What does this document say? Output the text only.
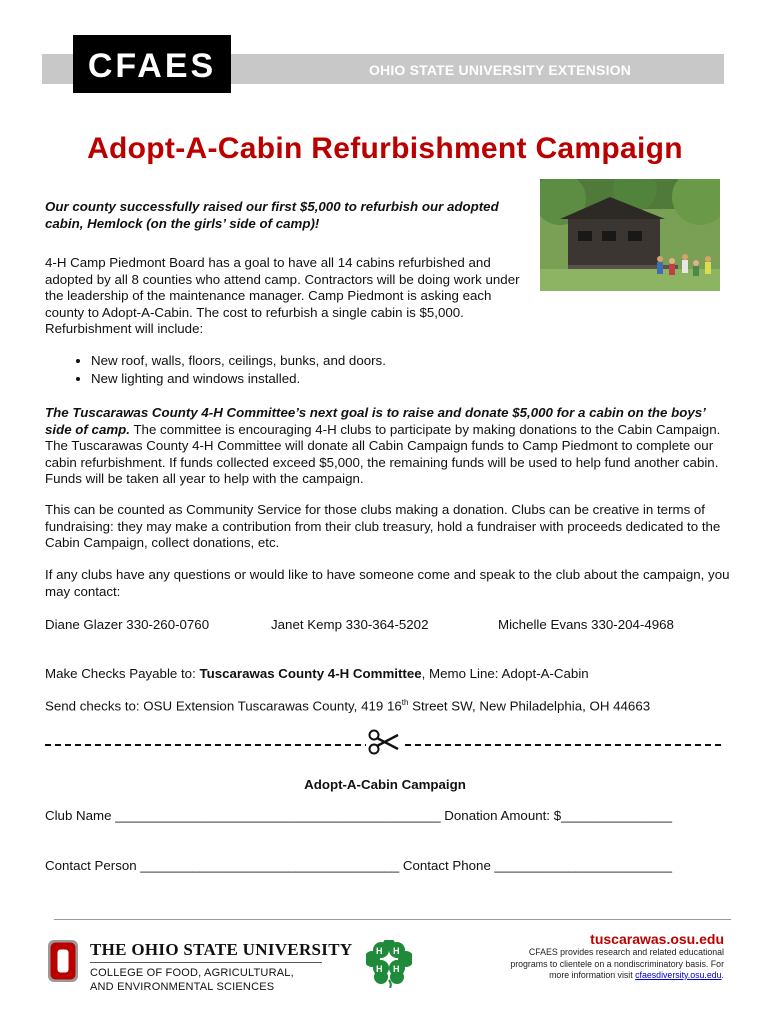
OHIO STATE UNIVERSITY EXTENSION
CFAES
Adopt-A-Cabin Refurbishment Campaign
Our county successfully raised our first $5,000 to refurbish our adopted cabin, Hemlock (on the girls’ side of camp)!
4-H Camp Piedmont Board has a goal to have all 14 cabins refurbished and adopted by all 8 counties who attend camp. Contractors will be doing work under the leadership of the maintenance manager. Camp Piedmont is asking each county to Adopt-A-Cabin. The cost to refurbish a single cabin is $5,000. Refurbishment will include:
• New roof, walls, floors, ceilings, bunks, and doors.
• New lighting and windows installed.
The Tuscarawas County 4-H Committee’s next goal is to raise and donate $5,000 for a cabin on the boys’ side of camp. The committee is encouraging 4-H clubs to participate by making donations to the Cabin Campaign. The Tuscarawas County 4-H Committee will donate all Cabin Campaign funds to Camp Piedmont to complete our cabin refurbishment. If funds collected exceed $5,000, the remaining funds will be used to help fund another cabin. Funds will be taken all year to help with the campaign.
This can be counted as Community Service for those clubs making a donation. Clubs can be creative in terms of fundraising: they may make a contribution from their club treasury, hold a fundraiser with proceeds dedicated to the Cabin Campaign, collect donations, etc.
If any clubs have any questions or would like to have someone come and speak to the club about the campaign, you may contact:
Diane Glazer 330-260-0760	Janet Kemp 330-364-5202	Michelle Evans 330-204-4968
Make Checks Payable to: Tuscarawas County 4-H Committee, Memo Line: Adopt-A-Cabin
Send checks to: OSU Extension Tuscarawas County, 419 16th Street SW, New Philadelphia, OH 44663
Adopt-A-Cabin Campaign
Club Name ____________________________________________ Donation Amount: $_______________
Contact Person ___________________________________ Contact Phone ________________________
THE OHIO STATE UNIVERSITY
COLLEGE OF FOOD, AGRICULTURAL,
AND ENVIRONMENTAL SCIENCES
H H
H H
tuscarawas.osu.edu
CFAES provides research and related educational
programs to clientele on a nondiscriminatory basis. For
more information visit cfaesdiversity.osu.edu.
